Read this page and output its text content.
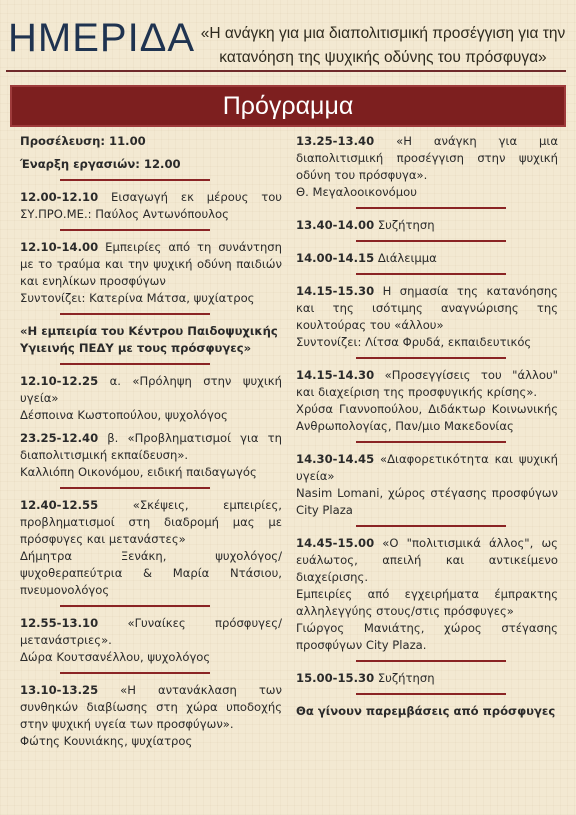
ΗΜΕΡΙΔΑ «Η ανάγκη για μια διαπολιτισμική προσέγγιση για την κατανόηση της ψυχικής οδύνης του πρόσφυγα»
Πρόγραμμα

Προσέλευση: 11.00

Έναρξη εργασιών: 12.00

12.00-12.10 Εισαγωγή εκ μέρους του ΣΥ.ΠΡΟ.ΜΕ.: Παύλος Αντωνόπουλος

12.10-14.00 Εμπειρίες από τη συνάντηση με το τραύμα και την ψυχική οδύνη παιδιών και ενηλίκων προσφύγων

Συντονίζει: Κατερίνα Μάτσα, ψυχίατρος

«Η εμπειρία του Κέντρου Παιδοψυχικής Υγιεινής ΠΕΔΥ με τους πρόσφυγες»

12.10-12.25 α. «Πρόληψη στην ψυχική υγεία»

Δέσποινα Κωστοπούλου, ψυχολόγος

23.25-12.40 β. «Προβληματισμοί για τη διαπολιτισμική εκπαίδευση».

Καλλιόπη Οικονόμου, ειδική παιδαγωγός

12.40-12.55 «Σκέψεις, εμπειρίες, προβληματισμοί στη διαδρομή μας με πρόσφυγες και μετανάστες»

Δήμητρα Ξενάκη, ψυχολόγος/ ψυχοθεραπεύτρια & Μαρία Ντάσιου, πνευμονολόγος

12.55-13.10 «Γυναίκες πρόσφυγες/ μετανάστριες».

Δώρα Κουτσανέλλου, ψυχολόγος

13.10-13.25 «Η αντανάκλαση των συνθηκών διαβίωσης στη χώρα υποδοχής στην ψυχική υγεία των προσφύγων».

Φώτης Κουνιάκης, ψυχίατρος

13.25-13.40 «Η ανάγκη για μια διαπολιτισμική προσέγγιση στην ψυχική οδύνη του πρόσφυγα».

Θ. Μεγαλοοικονόμου

13.40-14.00 Συζήτηση

14.00-14.15 Διάλειμμα

14.15-15.30 Η σημασία της κατανόησης και της ισότιμης αναγνώρισης της κουλτούρας του «άλλου»

Συντονίζει: Λίτσα Φρυδά, εκπαιδευτικός

14.15-14.30 «Προσεγγίσεις του "άλλου" και διαχείριση της προσφυγικής κρίσης».

Χρύσα Γιαννοπούλου, Διδάκτωρ Κοινωνικής Ανθρωπολογίας, Παν/μιο Μακεδονίας

14.30-14.45 «Διαφορετικότητα και ψυχική υγεία»

Nasim Lomani, χώρος στέγασης προσφύγων City Plaza

14.45-15.00 «Ο "πολιτισμικά άλλος", ως ευάλωτος, απειλή και αντικείμενο διαχείρισης.

Εμπειρίες από εγχειρήματα έμπρακτης αλληλεγγύης στους/στις πρόσφυγες»

Γιώργος Μανιάτης, χώρος στέγασης προσφύγων City Plaza.

15.00-15.30 Συζήτηση

Θα γίνουν παρεμβάσεις από πρόσφυγες
